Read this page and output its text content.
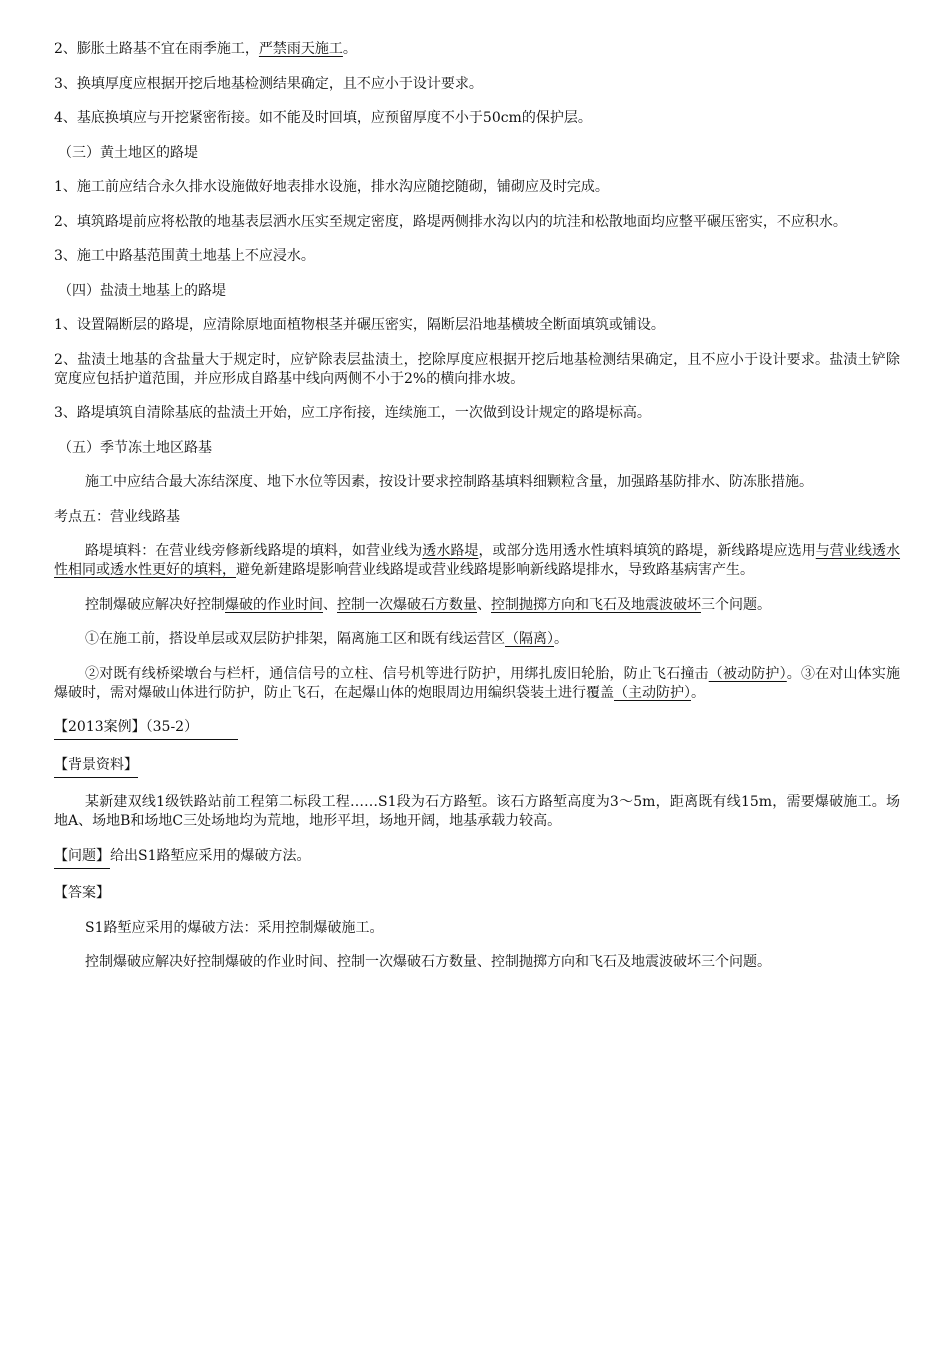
2、膨胀土路基不宜在雨季施工，严禁雨天施工。

3、换填厚度应根据开挖后地基检测结果确定，且不应小于设计要求。

4、基底换填应与开挖紧密衔接。如不能及时回填，应预留厚度不小于50cm的保护层。

（三）黄土地区的路堤

1、施工前应结合永久排水设施做好地表排水设施，排水沟应随挖随砌，铺砌应及时完成。

2、填筑路堤前应将松散的地基表层洒水压实至规定密度，路堤两侧排水沟以内的坑洼和松散地面均应整平碾压密实，不应积水。

3、施工中路基范围黄土地基上不应浸水。

（四）盐渍土地基上的路堤

1、设置隔断层的路堤，应清除原地面植物根茎并碾压密实，隔断层沿地基横坡全断面填筑或铺设。

2、盐渍土地基的含盐量大于规定时，应铲除表层盐渍土，挖除厚度应根据开挖后地基检测结果确定，且不应小于设计要求。盐渍土铲除宽度应包括护道范围，并应形成自路基中线向两侧不小于2%的横向排水坡。

3、路堤填筑自清除基底的盐渍土开始，应工序衔接，连续施工，一次做到设计规定的路堤标高。

（五）季节冻土地区路基

施工中应结合最大冻结深度、地下水位等因素，按设计要求控制路基填料细颗粒含量，加强路基防排水、防冻胀措施。

考点五：营业线路基

路堤填料：在营业线旁修新线路堤的填料，如营业线为透水路堤，或部分选用透水性填料填筑的路堤，新线路堤应选用与营业线透水性相同或透水性更好的填料，避免新建路堤影响营业线路堤或营业线路堤影响新线路堤排水，导致路基病害产生。

控制爆破应解决好控制爆破的作业时间、控制一次爆破石方数量、控制抛掷方向和飞石及地震波破坏三个问题。

①在施工前，搭设单层或双层防护排架，隔离施工区和既有线运营区（隔离）。

②对既有线桥梁墩台与栏杆，通信信号的立柱、信号机等进行防护，用绑扎废旧轮胎，防止飞石撞击（被动防护）。③在对山体实施爆破时，需对爆破山体进行防护，防止飞石，在起爆山体的炮眼周边用编织袋装土进行覆盖（主动防护）。

【2013案例】（35-2）

【背景资料】

某新建双线1级铁路站前工程第二标段工程……S1段为石方路堑。该石方路堑高度为3～5m，距离既有线15m，需要爆破施工。场地A、场地B和场地C三处场地均为荒地，地形平坦，场地开阔，地基承载力较高。

【问题】给出S1路堑应采用的爆破方法。

【答案】

S1路堑应采用的爆破方法：采用控制爆破施工。

控制爆破应解决好控制爆破的作业时间、控制一次爆破石方数量、控制抛掷方向和飞石及地震波破坏三个问题。
